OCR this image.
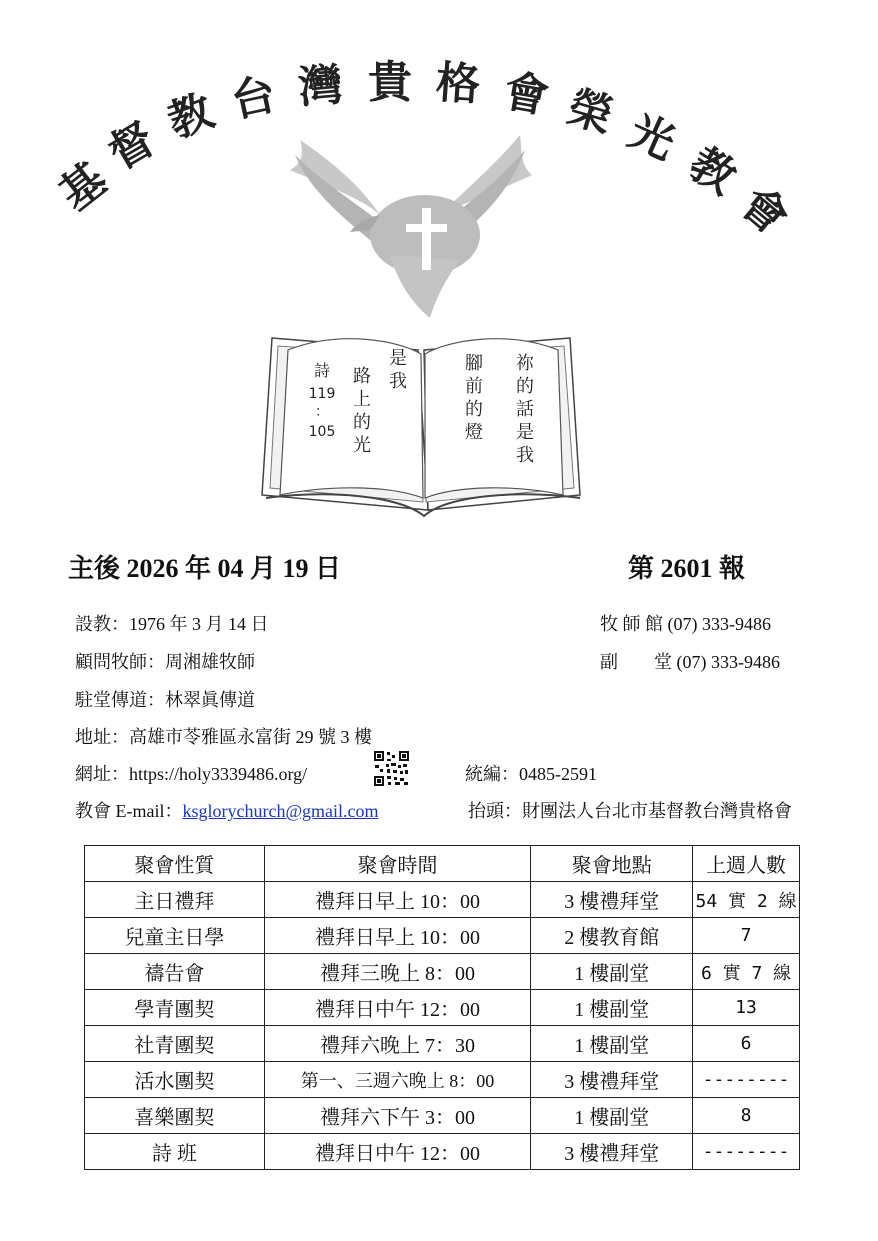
基
督
教 台 灣 貴 格 會 榮 光
教
會
祢的話是我
腳前的燈
是我
路上的光
詩
119
：
105
主後 2026 年 04 月 19 日	第 2601 報
設教：1976 年 3 月 14 日
顧問牧師：周湘雄牧師
駐堂傳道：林翠眞傳道
地址：高雄市苓雅區永富街 29 號 3 樓
網址：https://holy3339486.org/
教會 E-mail：ksglorychurch@gmail.com
牧 師 館 (07) 333-9486
副　　堂 (07) 333-9486
統編：0485-2591
抬頭：財團法人台北市基督教台灣貴格會
聚會性質	聚會時間	聚會地點	上週人數
主日禮拜	禮拜日早上 10：00	3 樓禮拜堂	54 實 2 線
兒童主日學	禮拜日早上 10：00	2 樓教育館	7
禱告會	禮拜三晚上 8：00	1 樓副堂	6 實 7 線
學青團契	禮拜日中午 12：00	1 樓副堂	13
社青團契	禮拜六晚上 7：30	1 樓副堂	6
活水團契	第一、三週六晚上 8：00	3 樓禮拜堂	--------
喜樂團契	禮拜六下午 3：00	1 樓副堂	8
詩 班	禮拜日中午 12：00	3 樓禮拜堂	--------
